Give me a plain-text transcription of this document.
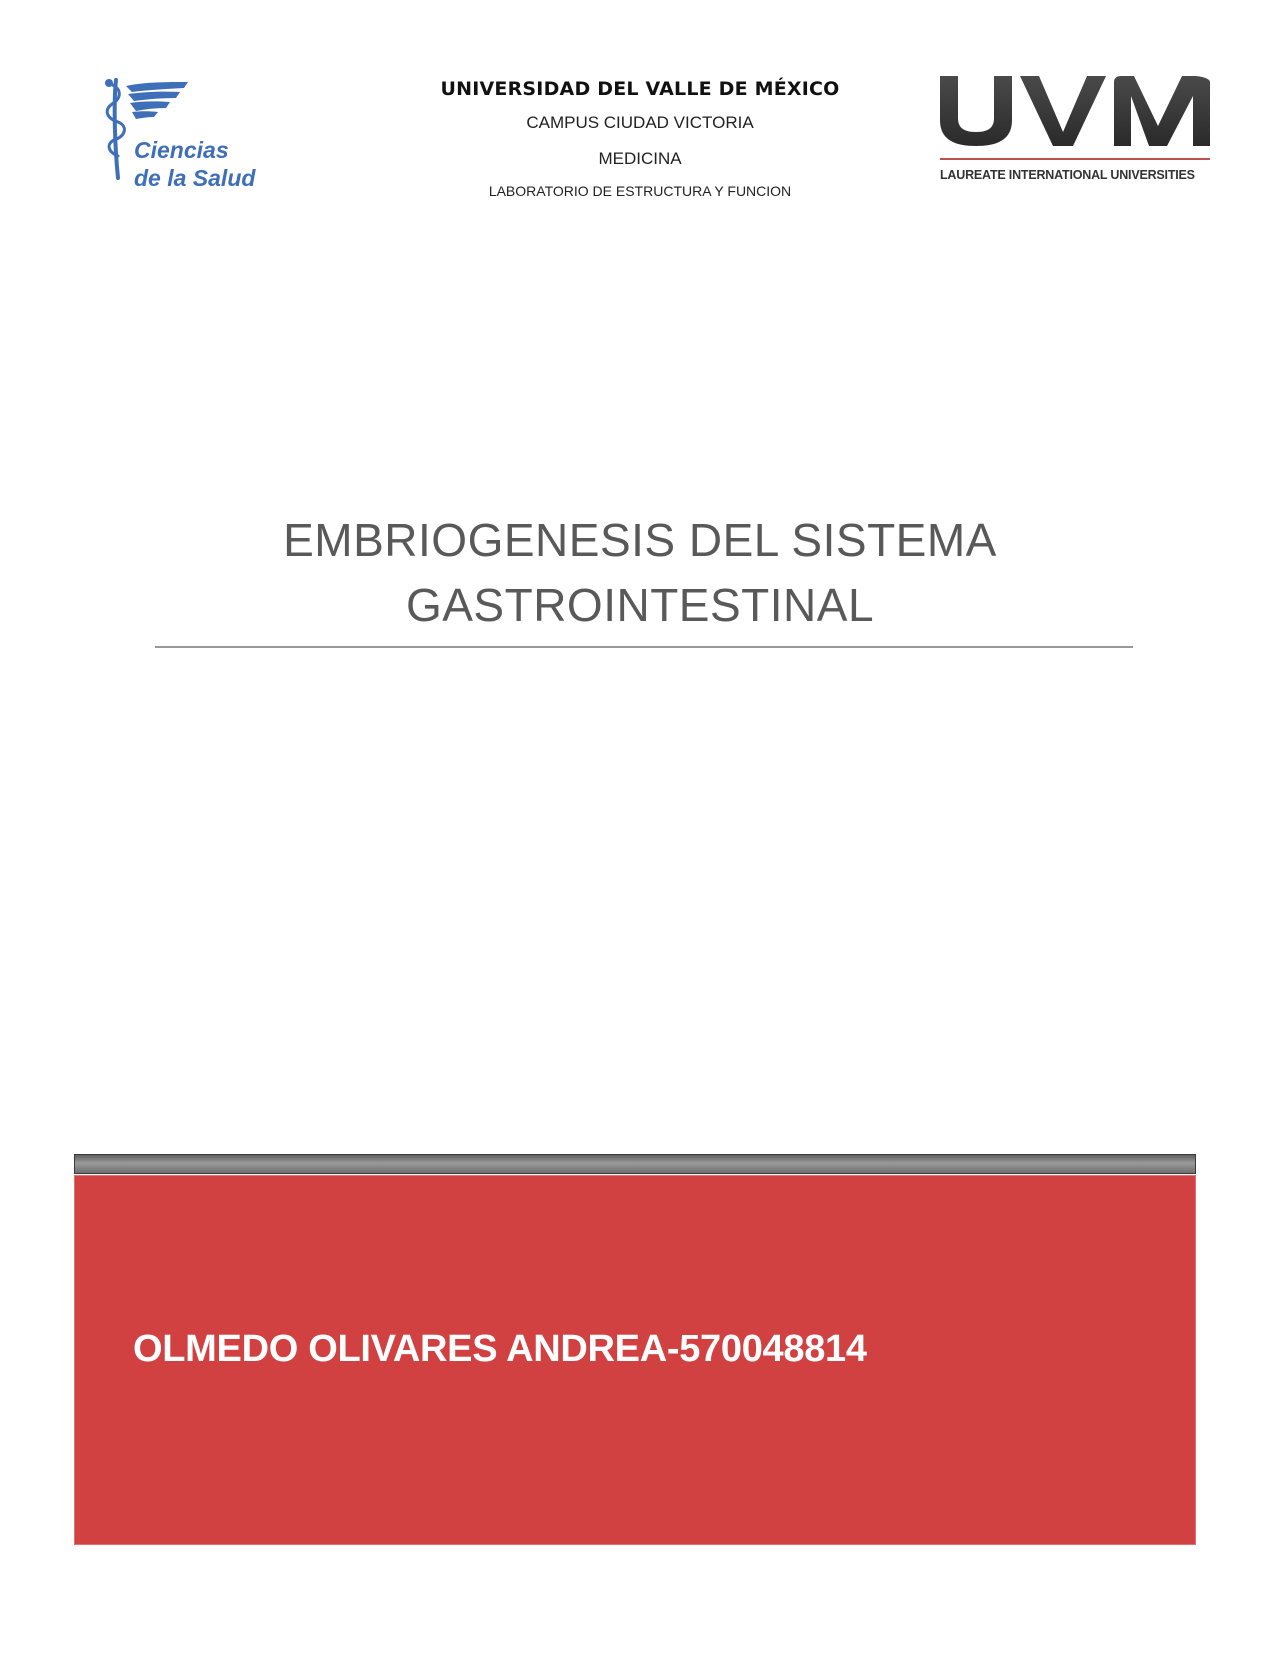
Ciencias
de la Salud
UNIVERSIDAD DEL VALLE DE MÉXICO
CAMPUS CIUDAD VICTORIA
MEDICINA
LABORATORIO DE ESTRUCTURA Y FUNCION
LAUREATE INTERNATIONAL UNIVERSITIES
EMBRIOGENESIS DEL SISTEMA
GASTROINTESTINAL
OLMEDO OLIVARES ANDREA-570048814
